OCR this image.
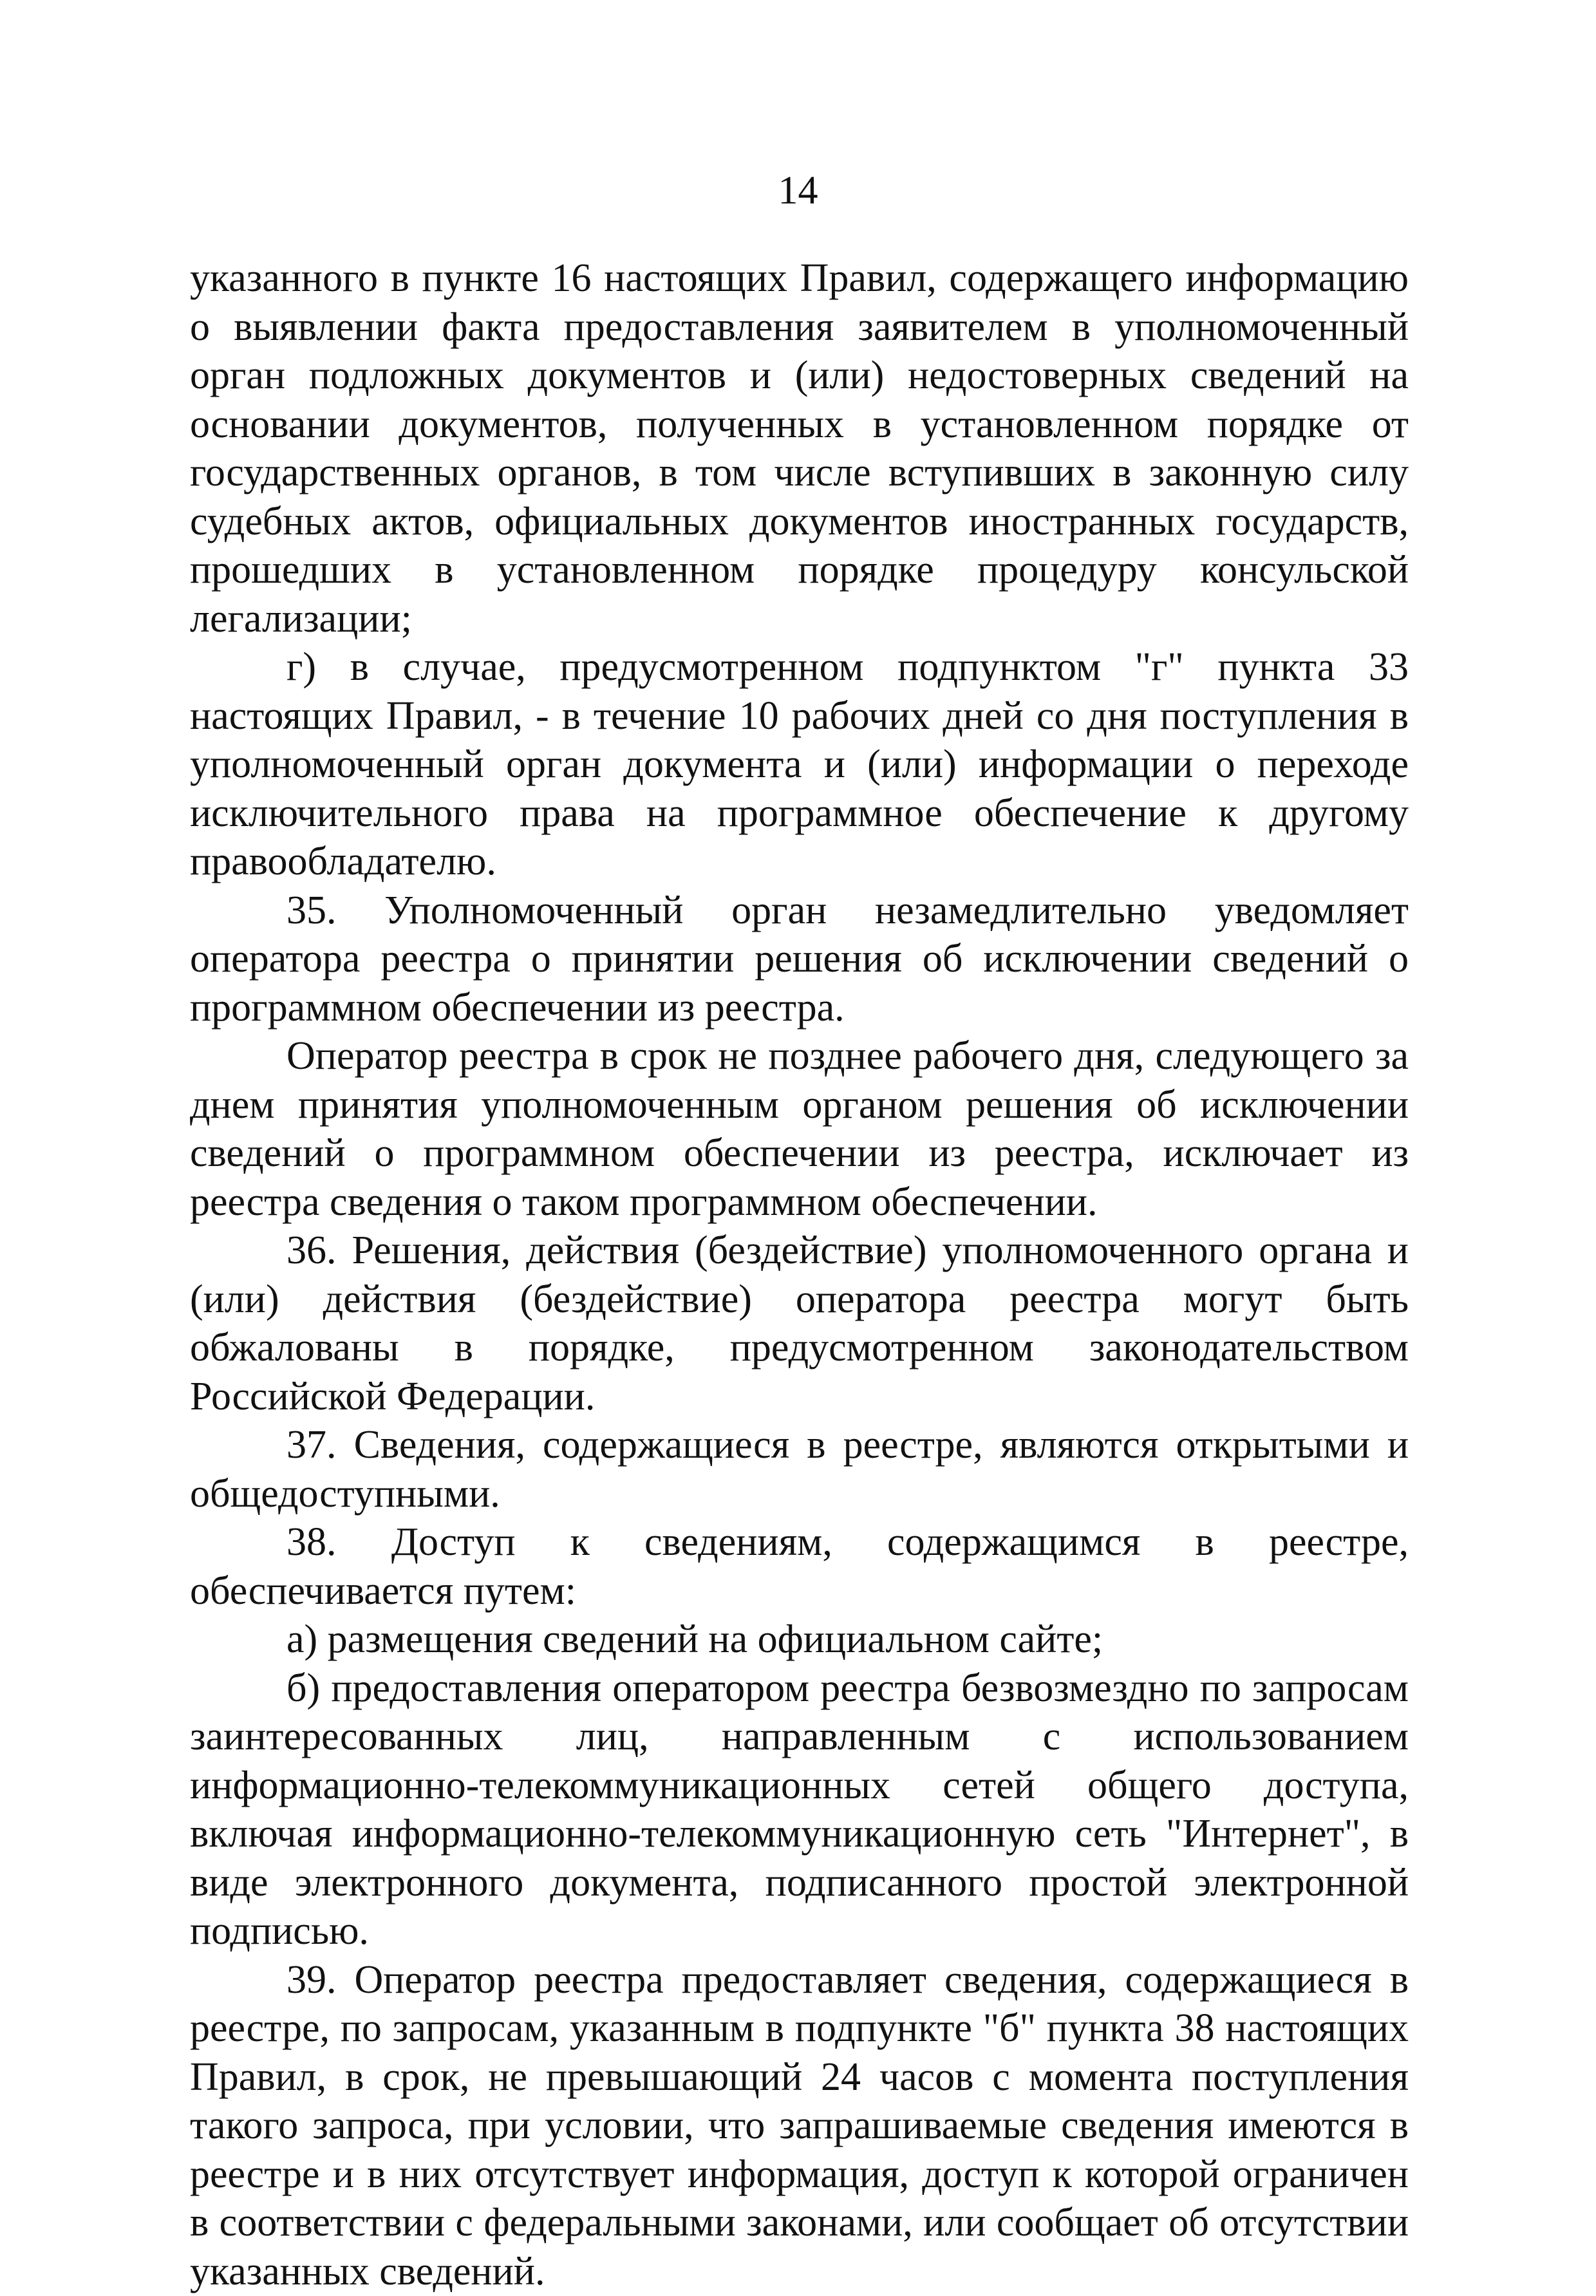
14

указанного в пункте 16 настоящих Правил, содержащего информацию о выявлении факта предоставления заявителем в уполномоченный орган подложных документов и (или) недостоверных сведений на основании документов, полученных в установленном порядке от государственных органов, в том числе вступивших в законную силу судебных актов, официальных документов иностранных государств, прошедших в установленном порядке процедуру консульской легализации;

г) в случае, предусмотренном подпунктом "г" пункта 33 настоящих Правил, - в течение 10 рабочих дней со дня поступления в уполномоченный орган документа и (или) информации о переходе исключительного права на программное обеспечение к другому правообладателю.

35. Уполномоченный орган незамедлительно уведомляет оператора реестра о принятии решения об исключении сведений о программном обеспечении из реестра.

Оператор реестра в срок не позднее рабочего дня, следующего за днем принятия уполномоченным органом решения об исключении сведений о программном обеспечении из реестра, исключает из реестра сведения о таком программном обеспечении.

36. Решения, действия (бездействие) уполномоченного органа и (или) действия (бездействие) оператора реестра могут быть обжалованы в порядке, предусмотренном законодательством Российской Федерации.

37. Сведения, содержащиеся в реестре, являются открытыми и общедоступными.

38. Доступ к сведениям, содержащимся в реестре, обеспечивается путем:

а) размещения сведений на официальном сайте;

б) предоставления оператором реестра безвозмездно по запросам заинтересованных лиц, направленным с использованием информационно-телекоммуникационных сетей общего доступа, включая информационно-телекоммуникационную сеть "Интернет", в виде электронного документа, подписанного простой электронной подписью.

39. Оператор реестра предоставляет сведения, содержащиеся в реестре, по запросам, указанным в подпункте "б" пункта 38 настоящих Правил, в срок, не превышающий 24 часов с момента поступления такого запроса, при условии, что запрашиваемые сведения имеются в реестре и в них отсутствует информация, доступ к которой ограничен в соответствии с федеральными законами, или сообщает об отсутствии указанных сведений.
